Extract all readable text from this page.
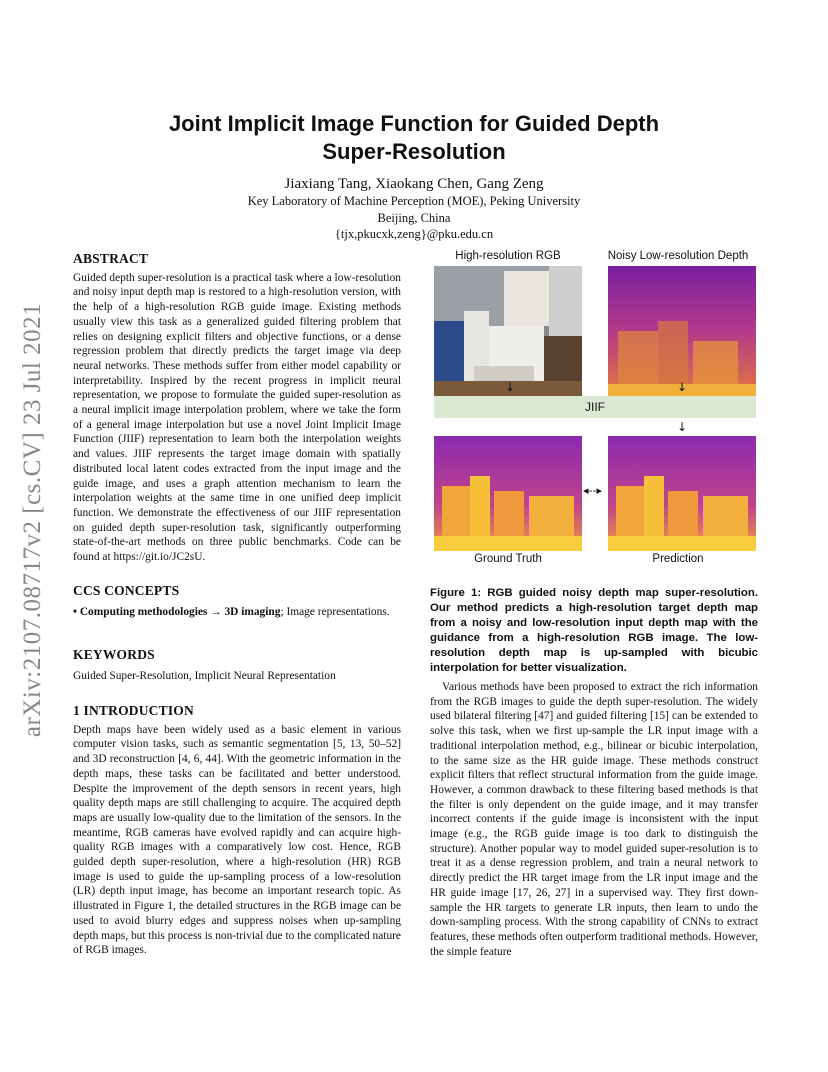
arXiv:2107.08717v2 [cs.CV] 23 Jul 2021
Joint Implicit Image Function for Guided Depth
Super-Resolution
Jiaxiang Tang, Xiaokang Chen, Gang Zeng
Key Laboratory of Machine Perception (MOE), Peking University
Beijing, China
{tjx,pkucxk,zeng}@pku.edu.cn
ABSTRACT

Guided depth super-resolution is a practical task where a low-resolution and noisy input depth map is restored to a high-resolution version, with the help of a high-resolution RGB guide image. Existing methods usually view this task as a generalized guided filtering problem that relies on designing explicit filters and objective functions, or a dense regression problem that directly predicts the target image via deep neural networks. These methods suffer from either model capability or interpretability. Inspired by the recent progress in implicit neural representation, we propose to formulate the guided super-resolution as a neural implicit image interpolation problem, where we take the form of a general image interpolation but use a novel Joint Implicit Image Function (JIIF) representation to learn both the interpolation weights and values. JIIF represents the target image domain with spatially distributed local latent codes extracted from the input image and the guide image, and uses a graph attention mechanism to learn the interpolation weights at the same time in one unified deep implicit function. We demonstrate the effectiveness of our JIIF representation on guided depth super-resolution task, significantly outperforming state-of-the-art methods on three public benchmarks. Code can be found at https://git.io/JC2sU.

CCS CONCEPTS

• Computing methodologies → 3D imaging; Image representations.

KEYWORDS

Guided Super-Resolution, Implicit Neural Representation

1 INTRODUCTION

Depth maps have been widely used as a basic element in various computer vision tasks, such as semantic segmentation [5, 13, 50–52] and 3D reconstruction [4, 6, 44]. With the geometric information in the depth maps, these tasks can be facilitated and better understood. Despite the improvement of the depth sensors in recent years, high quality depth maps are still challenging to acquire. The acquired depth maps are usually low-quality due to the limitation of the sensors. In the meantime, RGB cameras have evolved rapidly and can acquire high-quality RGB images with a comparatively low cost. Hence, RGB guided depth super-resolution, where a high-resolution (HR) RGB image is used to guide the up-sampling process of a low-resolution (LR) depth input image, has become an important research topic. As illustrated in Figure 1, the detailed structures in the RGB image can be used to avoid blurry edges and suppress noises when up-sampling depth maps, but this process is non-trivial due to the complicated nature of RGB images.

High-resolution RGB	Noisy Low-resolution Depth
↓	↓
JIIF
↓
◂--▸
Ground Truth	Prediction
Figure 1: RGB guided noisy depth map super-resolution. Our method predicts a high-resolution target depth map from a noisy and low-resolution input depth map with the guidance from a high-resolution RGB image. The low-resolution depth map is up-sampled with bicubic interpolation for better visualization.
Various methods have been proposed to extract the rich information from the RGB images to guide the depth super-resolution. The widely used bilateral filtering [47] and guided filtering [15] can be extended to solve this task, when we first up-sample the LR input image with a traditional interpolation method, e.g., bilinear or bicubic interpolation, to the same size as the HR guide image. These methods construct explicit filters that reflect structural information from the guide image. However, a common drawback to these filtering based methods is that the filter is only dependent on the guide image, and it may transfer incorrect contents if the guide image is inconsistent with the input image (e.g., the RGB guide image is too dark to distinguish the structure). Another popular way to model guided super-resolution is to treat it as a dense regression problem, and train a neural network to directly predict the HR target image from the LR input image and the HR guide image [17, 26, 27] in a supervised way. They first down-sample the HR targets to generate LR inputs, then learn to undo the down-sampling process. With the strong capability of CNNs to extract features, these methods often outperform traditional methods. However, the simple feature
